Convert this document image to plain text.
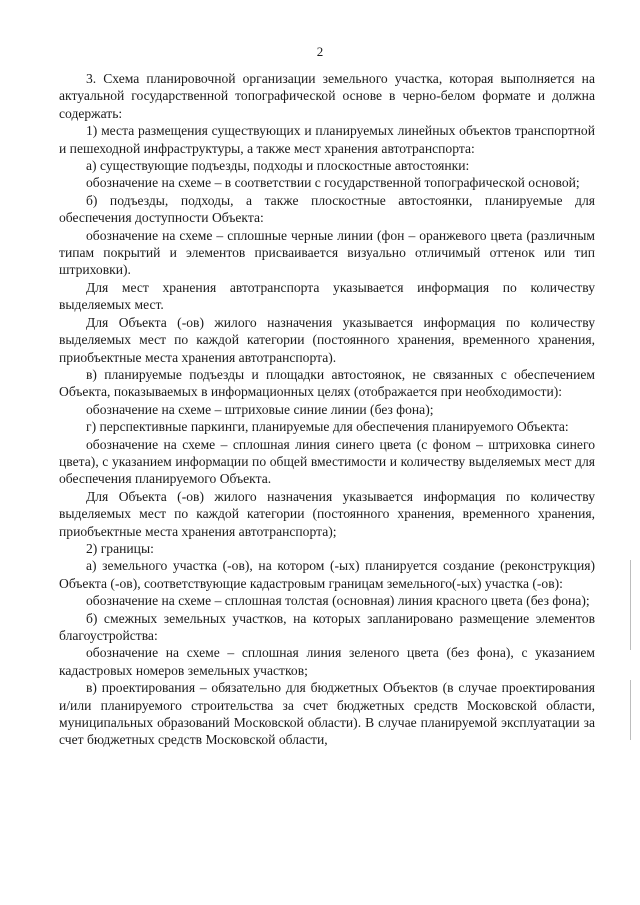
2

3. Схема планировочной организации земельного участка, которая выполняется на актуальной государственной топографической основе в черно-белом формате и должна содержать:

1) места размещения существующих и планируемых линейных объектов транспортной и пешеходной инфраструктуры, а также мест хранения автотранспорта:

а) существующие подъезды, подходы и плоскостные автостоянки:

обозначение на схеме – в соответствии с государственной топографической основой;

б) подъезды, подходы, а также плоскостные автостоянки, планируемые для обеспечения доступности Объекта:

обозначение на схеме – сплошные черные линии (фон – оранжевого цвета (различным типам покрытий и элементов присваивается визуально отличимый оттенок или тип штриховки).

Для мест хранения автотранспорта указывается информация по количеству выделяемых мест.

Для Объекта (-ов) жилого назначения указывается информация по количеству выделяемых мест по каждой категории (постоянного хранения, временного хранения, приобъектные места хранения автотранспорта).

в) планируемые подъезды и площадки автостоянок, не связанных с обеспечением Объекта, показываемых в информационных целях (отображается при необходимости):

обозначение на схеме – штриховые синие линии (без фона);

г) перспективные паркинги, планируемые для обеспечения планируемого Объекта:

обозначение на схеме – сплошная линия синего цвета (с фоном – штриховка синего цвета), с указанием информации по общей вместимости и количеству выделяемых мест для обеспечения планируемого Объекта.

Для Объекта (-ов) жилого назначения указывается информация по количеству выделяемых мест по каждой категории (постоянного хранения, временного хранения, приобъектные места хранения автотранспорта);

2) границы:

а) земельного участка (-ов), на котором (-ых) планируется создание (реконструкция) Объекта (-ов), соответствующие кадастровым границам земельного(-ых) участка (-ов):

обозначение на схеме – сплошная толстая (основная) линия красного цвета (без фона);

б) смежных земельных участков, на которых запланировано размещение элементов благоустройства:

обозначение на схеме – сплошная линия зеленого цвета (без фона), с указанием кадастровых номеров земельных участков;

в) проектирования – обязательно для бюджетных Объектов (в случае проектирования и/или планируемого строительства за счет бюджетных средств Московской области, муниципальных образований Московской области). В случае планируемой эксплуатации за счет бюджетных средств Московской области,
